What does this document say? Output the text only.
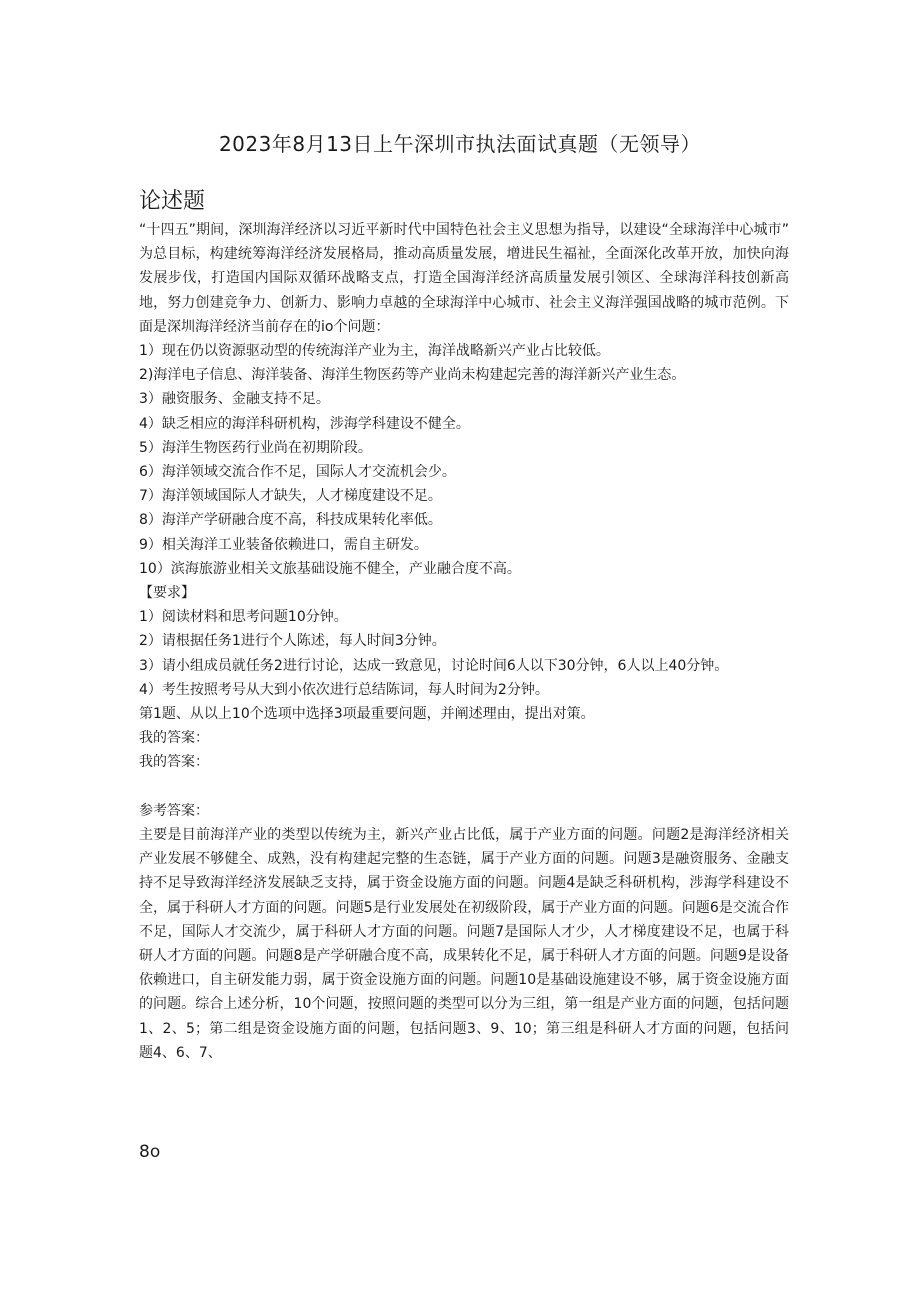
2023年8月13日上午深圳市执法面试真题（无领导）
论述题

“十四五”期间，深圳海洋经济以习近平新时代中国特色社会主义思想为指导，以建设“全球海洋中心城市” 为总目标，构建统筹海洋经济发展格局，推动高质量发展，增进民生福祉，全面深化改革开放，加快向海发展步伐，打造国内国际双循环战略支点，打造全国海洋经济高质量发展引领区、全球海洋科技创新高地，努力创建竞争力、创新力、影响力卓越的全球海洋中心城市、社会主义海洋强国战略的城市范例。下面是深圳海洋经济当前存在的io个问题：

1）现在仍以资源驱动型的传统海洋产业为主，海洋战略新兴产业占比较低。

2)海洋电子信息、海洋装备、海洋生物医药等产业尚未构建起完善的海洋新兴产业生态。

3）融资服务、金融支持不足。

4）缺乏相应的海洋科研机构，涉海学科建设不健全。

5）海洋生物医药行业尚在初期阶段。

6）海洋领域交流合作不足，国际人才交流机会少。

7）海洋领域国际人才缺失，人才梯度建设不足。

8）海洋产学研融合度不高，科技成果转化率低。

9）相关海洋工业装备依赖进口，需自主研发。

10）滨海旅游业相关文旅基础设施不健全，产业融合度不高。

【要求】

1）阅读材料和思考问题10分钟。

2）请根据任务1进行个人陈述，每人时间3分钟。

3）请小组成员就任务2进行讨论，达成一致意见，讨论时间6人以下30分钟，6人以上40分钟。

4）考生按照考号从大到小依次进行总结陈词，每人时间为2分钟。

第1题、从以上10个选项中选择3项最重要问题，并阐述理由，提出对策。

我的答案：

我的答案：

参考答案：

主要是目前海洋产业的类型以传统为主，新兴产业占比低，属于产业方面的问题。问题2是海洋经济相关产业发展不够健全、成熟，没有构建起完整的生态链，属于产业方面的问题。问题3是融资服务、金融支持不足导致海洋经济发展缺乏支持，属于资金设施方面的问题。问题4是缺乏科研机构，涉海学科建设不全，属于科研人才方面的问题。问题5是行业发展处在初级阶段，属于产业方面的问题。问题6是交流合作不足，国际人才交流少，属于科研人才方面的问题。问题7是国际人才少，人才梯度建设不足，也属于科研人才方面的问题。问题8是产学研融合度不高，成果转化不足，属于科研人才方面的问题。问题9是设备依赖进口，自主研发能力弱，属于资金设施方面的问题。问题10是基础设施建设不够，属于资金设施方面的问题。综合上述分析，10个问题，按照问题的类型可以分为三组，第一组是产业方面的问题，包括问题1、2、5；第二组是资金设施方面的问题，包括问题3、9、10；第三组是科研人才方面的问题，包括问题4、6、7、

8o
